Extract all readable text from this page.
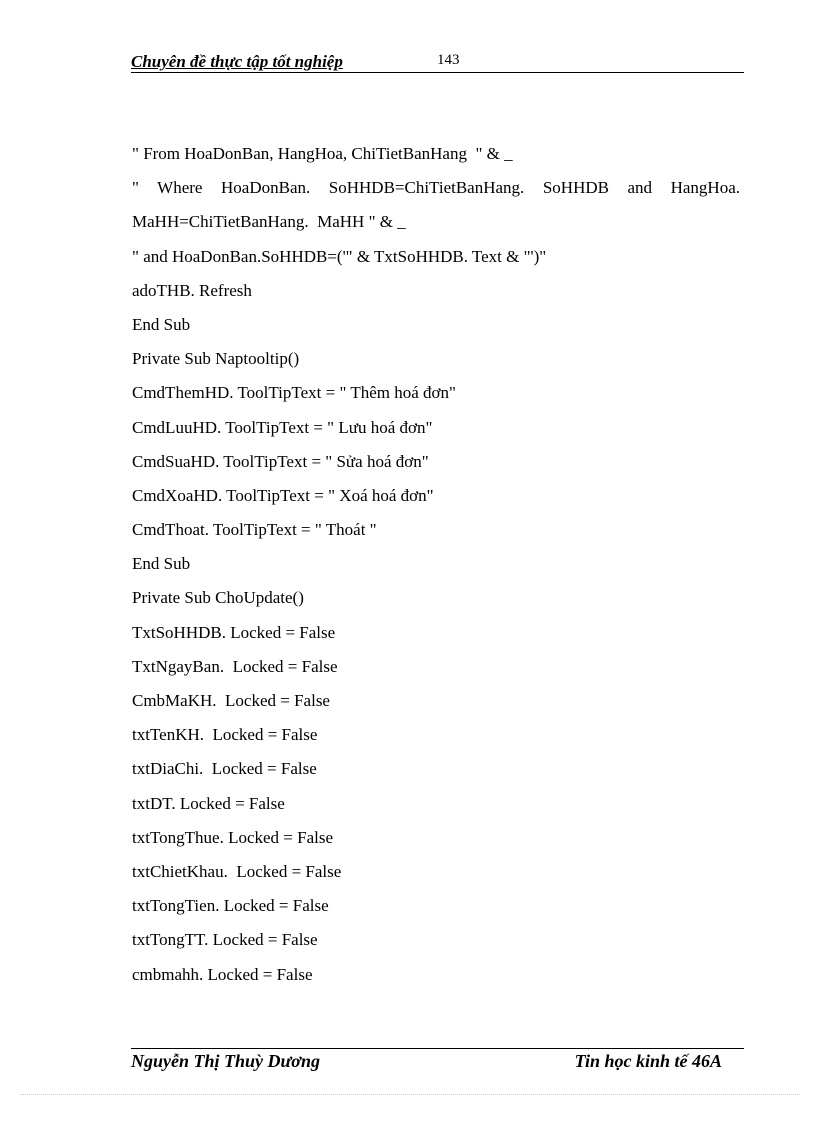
Chuyên đề thực tập tốt nghiệp	143
" From HoaDonBan, HangHoa, ChiTietBanHang  " & _
" Where HoaDonBan. SoHHDB=ChiTietBanHang. SoHHDB and HangHoa.
MaHH=ChiTietBanHang.  MaHH " & _
" and HoaDonBan.SoHHDB=('" & TxtSoHHDB. Text & "')"
adoTHB. Refresh
End Sub
Private Sub Naptooltip()
CmdThemHD. ToolTipText = " Thêm hoá đơn"
CmdLuuHD. ToolTipText = " Lưu hoá đơn"
CmdSuaHD. ToolTipText = " Sửa hoá đơn"
CmdXoaHD. ToolTipText = " Xoá hoá đơn"
CmdThoat. ToolTipText = " Thoát "
End Sub
Private Sub ChoUpdate()
TxtSoHHDB. Locked = False
TxtNgayBan.  Locked = False
CmbMaKH.  Locked = False
txtTenKH.  Locked = False
txtDiaChi.  Locked = False
txtDT. Locked = False
txtTongThue. Locked = False
txtChietKhau.  Locked = False
txtTongTien. Locked = False
txtTongTT. Locked = False
cmbmahh. Locked = False
Nguyễn Thị Thuỳ Dương	Tin học kinh tế 46A
